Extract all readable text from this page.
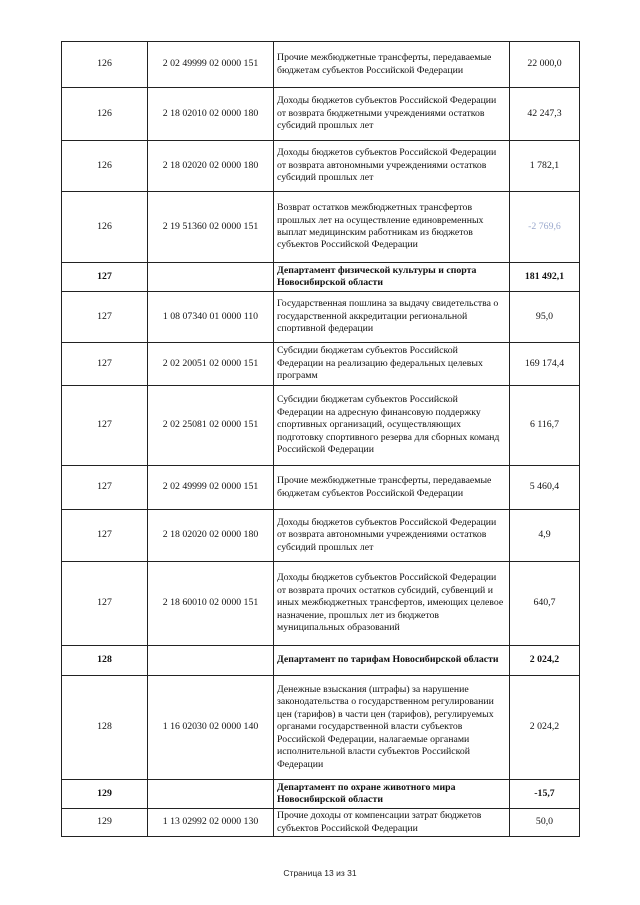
126	2 02 49999 02 0000 151	Прочие межбюджетные трансферты, передаваемые бюджетам субъектов Российской Федерации	22 000,0
126	2 18 02010 02 0000 180	Доходы бюджетов субъектов Российской Федерации от возврата бюджетными учреждениями остатков субсидий прошлых лет	42 247,3
126	2 18 02020 02 0000 180	Доходы бюджетов субъектов Российской Федерации от возврата автономными учреждениями остатков субсидий прошлых лет	1 782,1
126	2 19 51360 02 0000 151	Возврат остатков межбюджетных трансфертов прошлых лет на осуществление единовременных выплат медицинским работникам из бюджетов субъектов Российской Федерации	-2 769,6
127		Департамент физической культуры и спорта Новосибирской области	181 492,1
127	1 08 07340 01 0000 110	Государственная пошлина за выдачу свидетельства о государственной аккредитации региональной спортивной федерации	95,0
127	2 02 20051 02 0000 151	Субсидии бюджетам субъектов Российской Федерации на реализацию федеральных целевых программ	169 174,4
127	2 02 25081 02 0000 151	Субсидии бюджетам субъектов Российской Федерации на адресную финансовую поддержку спортивных организаций, осуществляющих подготовку спортивного резерва для сборных команд Российской Федерации	6 116,7
127	2 02 49999 02 0000 151	Прочие межбюджетные трансферты, передаваемые бюджетам субъектов Российской Федерации	5 460,4
127	2 18 02020 02 0000 180	Доходы бюджетов субъектов Российской Федерации от возврата автономными учреждениями остатков субсидий прошлых лет	4,9
127	2 18 60010 02 0000 151	Доходы бюджетов субъектов Российской Федерации от возврата прочих остатков субсидий, субвенций и иных межбюджетных трансфертов, имеющих целевое назначение, прошлых лет из бюджетов муниципальных образований	640,7
128		Департамент по тарифам Новосибирской области	2 024,2
128	1 16 02030 02 0000 140	Денежные взыскания (штрафы) за нарушение законодательства о государственном регулировании цен (тарифов) в части цен (тарифов), регулируемых органами государственной власти субъектов Российской Федерации, налагаемые органами исполнительной власти субъектов Российской Федерации	2 024,2
129		Департамент по охране животного мира Новосибирской области	-15,7
129	1 13 02992 02 0000 130	Прочие доходы от компенсации затрат бюджетов субъектов Российской Федерации	50,0
Страница 13 из 31
